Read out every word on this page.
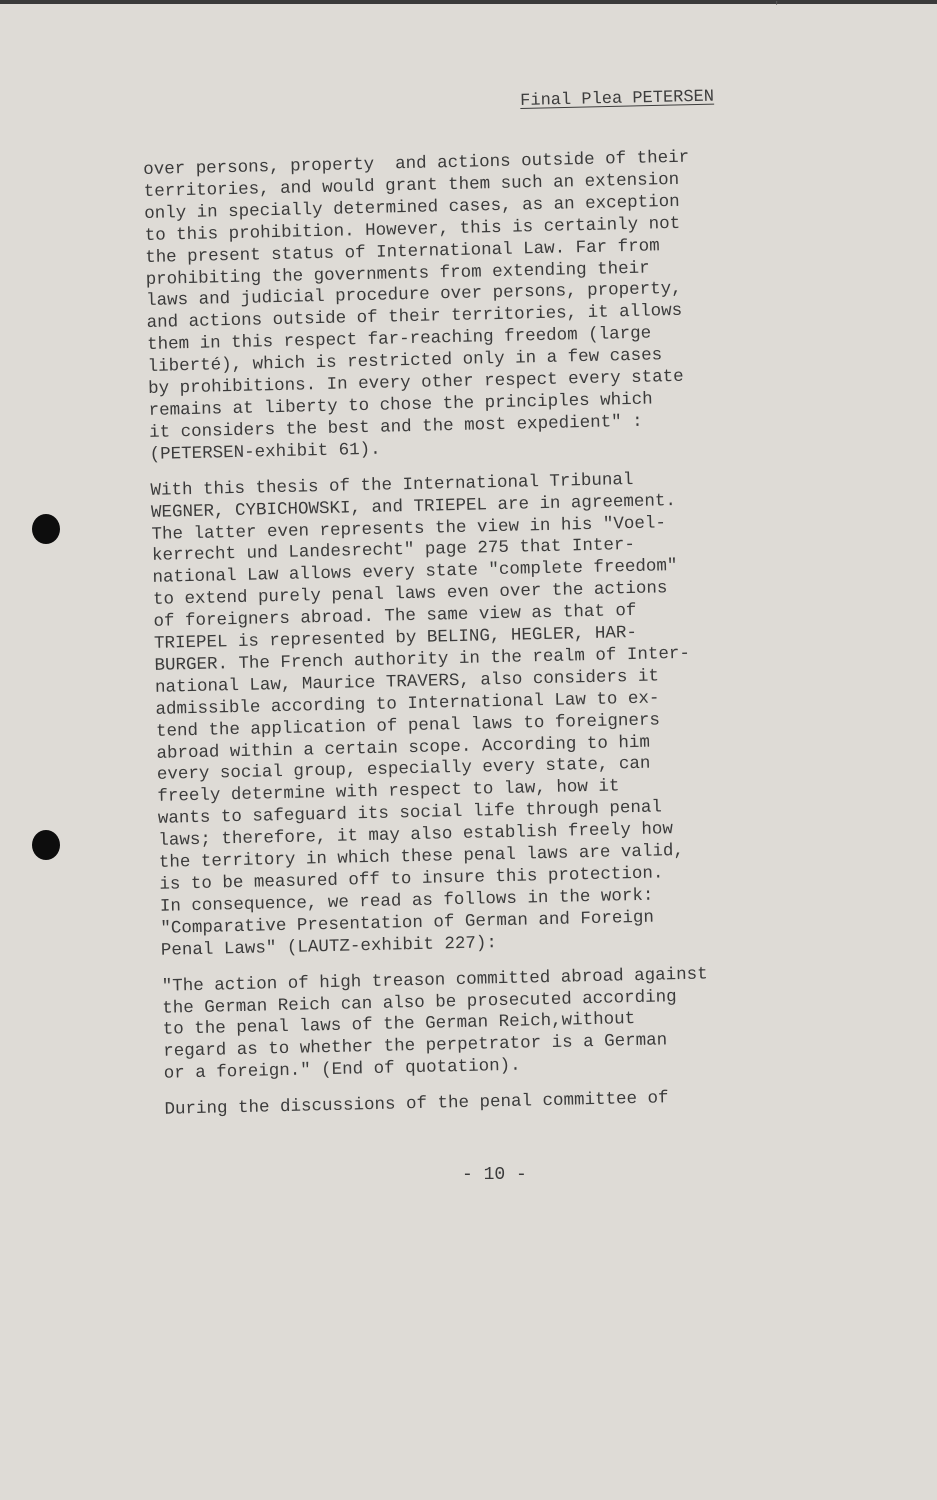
'
Final Plea PETERSEN

over persons, property  and actions outside of their
territories, and would grant them such an extension
only in specially determined cases, as an exception
to this prohibition. However, this is certainly not
the present status of International Law. Far from
prohibiting the governments from extending their
laws and judicial procedure over persons, property,
and actions outside of their territories, it allows
them in this respect far-reaching freedom (large
liberté), which is restricted only in a few cases
by prohibitions. In every other respect every state
remains at liberty to chose the principles which
it considers the best and the most expedient" :
(PETERSEN-exhibit 61).

With this thesis of the International Tribunal
WEGNER, CYBICHOWSKI, and TRIEPEL are in agreement.
The latter even represents the view in his "Voel-
kerrecht und Landesrecht" page 275 that Inter-
national Law allows every state "complete freedom"
to extend purely penal laws even over the actions
of foreigners abroad. The same view as that of
TRIEPEL is represented by BELING, HEGLER, HAR-
BURGER. The French authority in the realm of Inter-
national Law, Maurice TRAVERS, also considers it
admissible according to International Law to ex-
tend the application of penal laws to foreigners
abroad within a certain scope. According to him
every social group, especially every state, can
freely determine with respect to law, how it
wants to safeguard its social life through penal
laws; therefore, it may also establish freely how
the territory in which these penal laws are valid,
is to be measured off to insure this protection.
In consequence, we read as follows in the work:
"Comparative Presentation of German and Foreign
Penal Laws" (LAUTZ-exhibit 227):

"The action of high treason committed abroad against
the German Reich can also be prosecuted according
to the penal laws of the German Reich,without
regard as to whether the perpetrator is a German
or a foreign." (End of quotation).

During the discussions of the penal committee of

- 10 -
